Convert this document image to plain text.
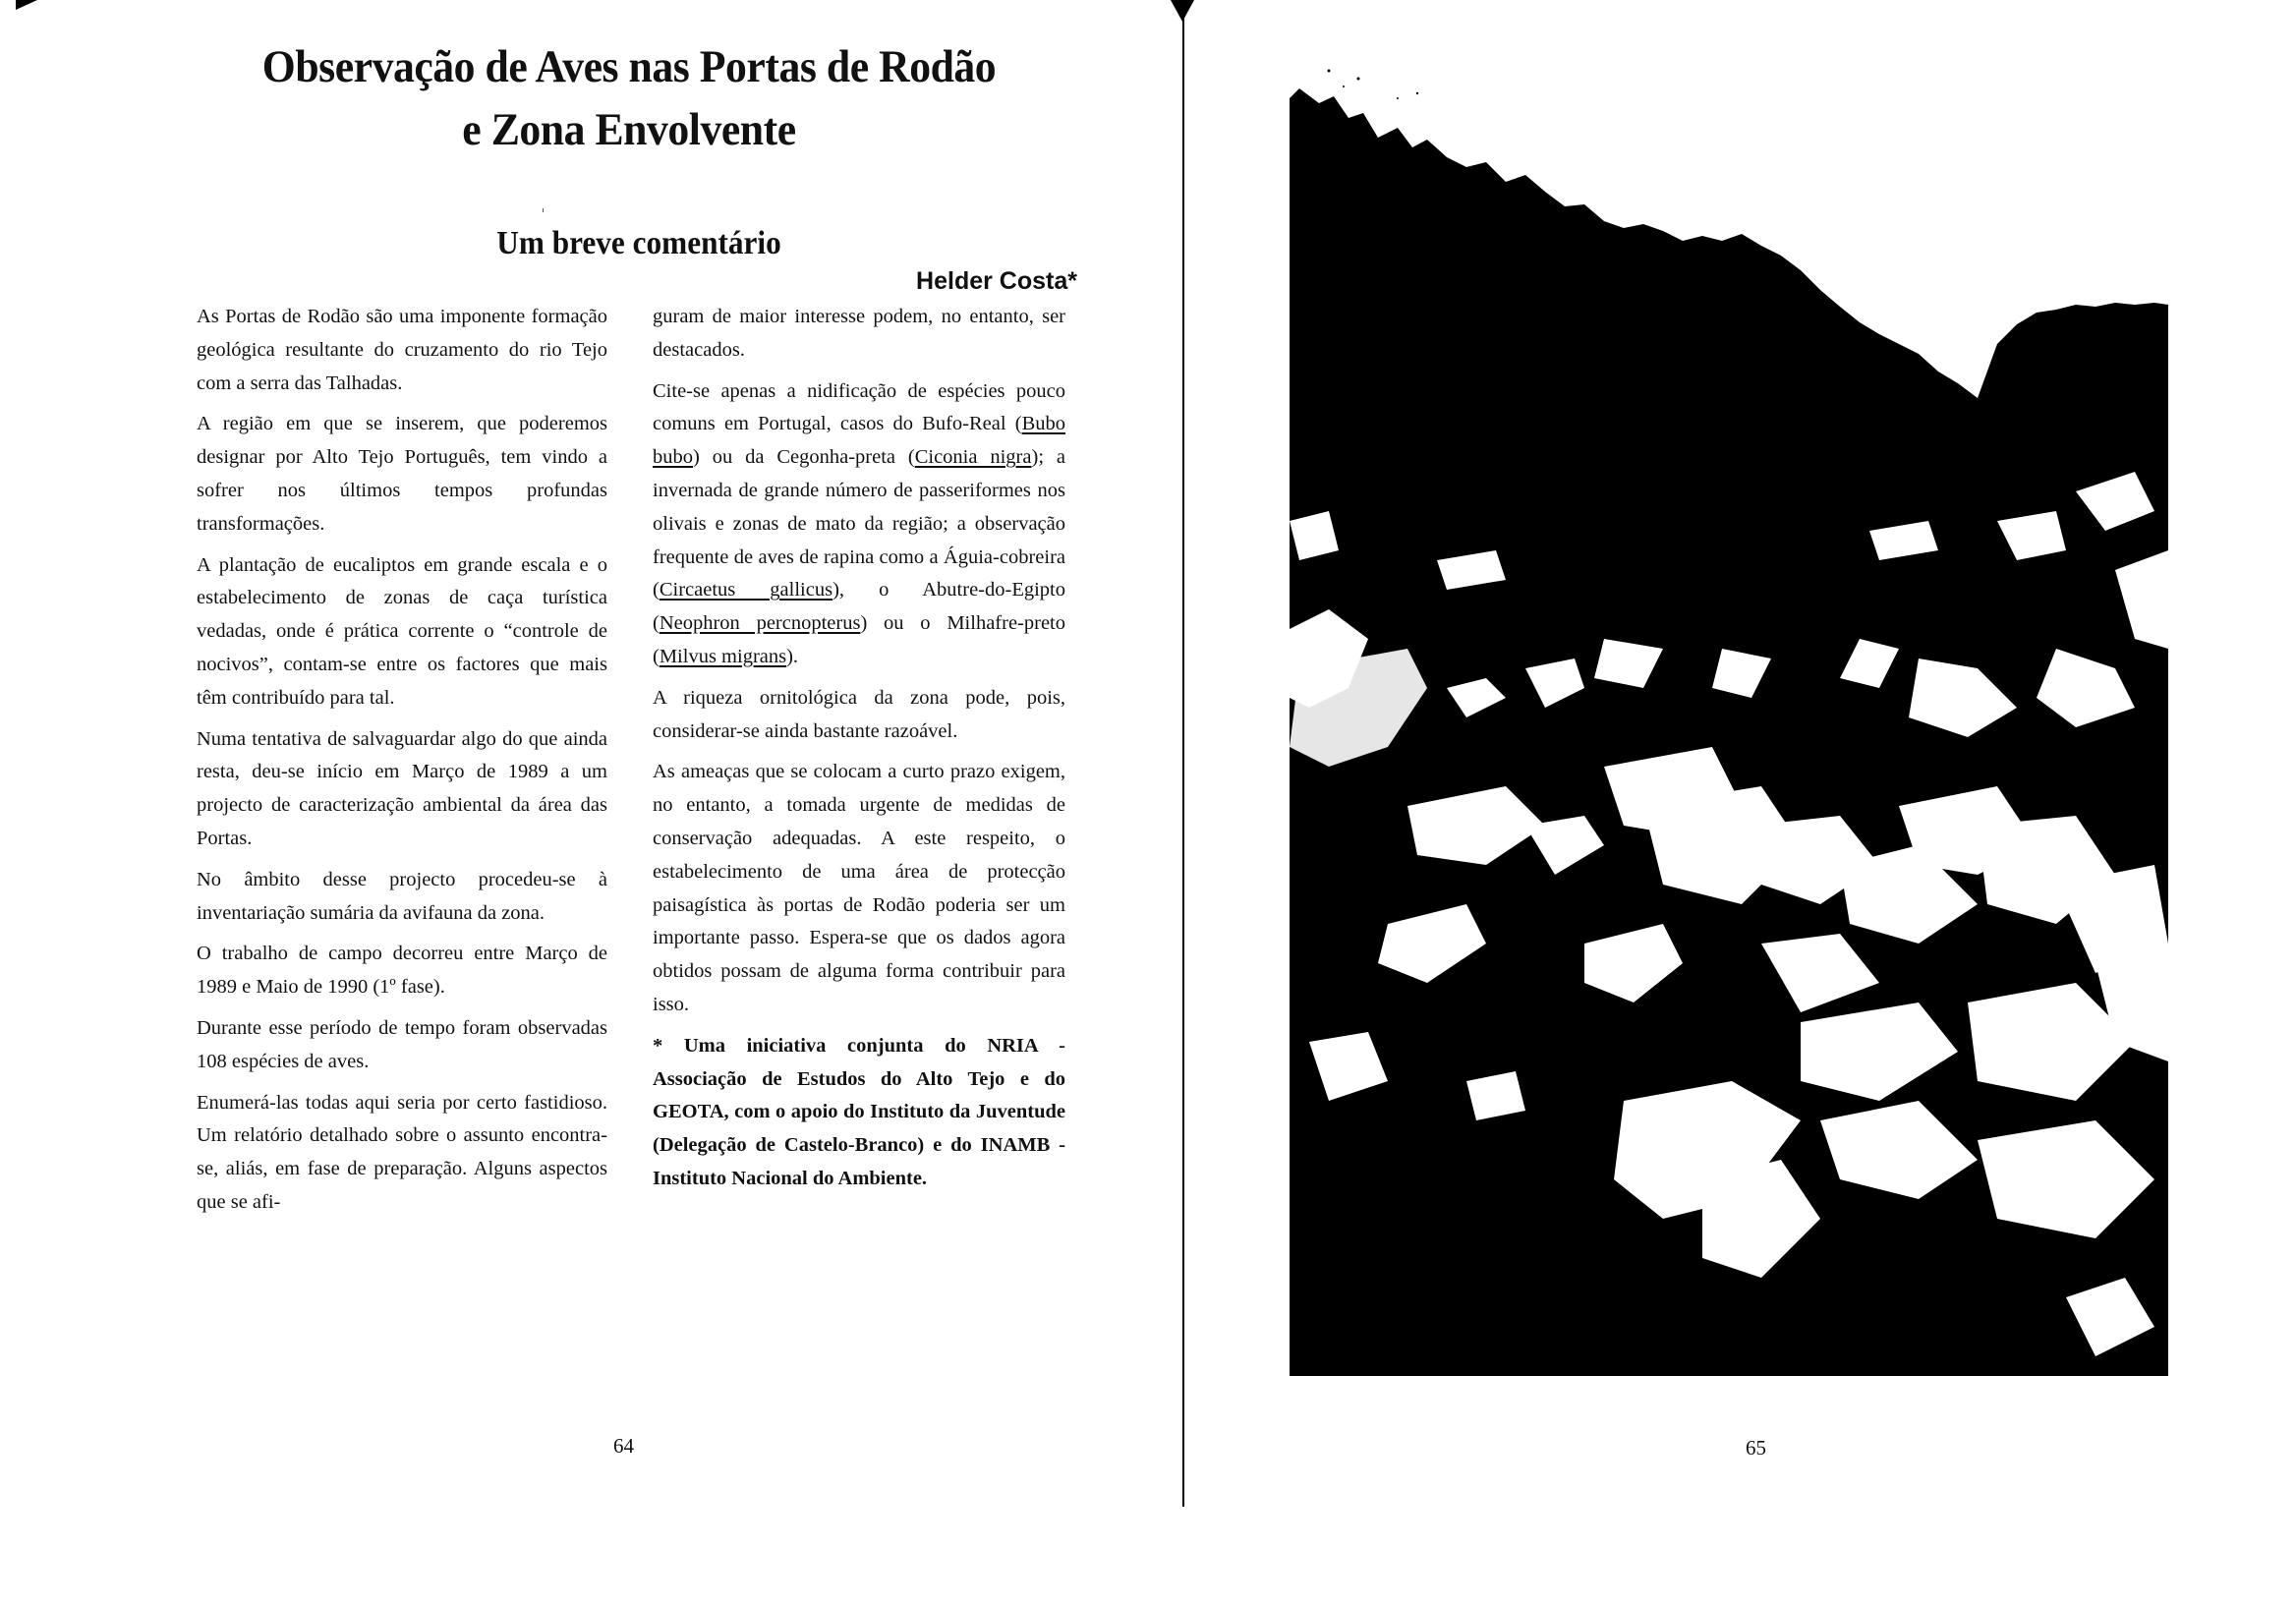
Observação de Aves nas Portas de Rodão
e Zona Envolvente
Um breve comentário
Helder Costa*

As Portas de Rodão são uma imponente formação geológica resultante do cruzamento do rio Tejo com a serra das Talhadas.

A região em que se inserem, que poderemos designar por Alto Tejo Português, tem vindo a sofrer nos últimos tempos profundas transformações.

A plantação de eucaliptos em grande escala e o estabelecimento de zonas de caça turística vedadas, onde é prática corrente o “controle de nocivos”, contam-se entre os factores que mais têm contribuído para tal.

Numa tentativa de salvaguardar algo do que ainda resta, deu-se início em Março de 1989 a um projecto de caracterização ambiental da área das Portas.

No âmbito desse projecto procedeu-se à inventariação sumária da avifauna da zona.

O trabalho de campo decorreu entre Março de 1989 e Maio de 1990 (1º fase).

Durante esse período de tempo foram observadas 108 espécies de aves.

Enumerá-las todas aqui seria por certo fastidioso. Um relatório detalhado sobre o assunto encontra-se, aliás, em fase de preparação. Alguns aspectos que se afi-

guram de maior interesse podem, no entanto, ser destacados.

Cite-se apenas a nidificação de espécies pouco comuns em Portugal, casos do Bufo-Real (Bubo bubo) ou da Cegonha-preta (Ciconia nigra); a invernada de grande número de passeriformes nos olivais e zonas de mato da região; a observação frequente de aves de rapina como a Águia-cobreira (Circaetus gallicus), o Abutre-do-Egipto (Neophron percnopterus) ou o Milhafre-preto (Milvus migrans).

A riqueza ornitológica da zona pode, pois, considerar-se ainda bastante razoável.

As ameaças que se colocam a curto prazo exigem, no entanto, a tomada urgente de medidas de conservação adequadas. A este respeito, o estabelecimento de uma área de protecção paisagística às portas de Rodão poderia ser um importante passo. Espera-se que os dados agora obtidos possam de alguma forma contribuir para isso.

* Uma iniciativa conjunta do NRIA - Associação de Estudos do Alto Tejo e do GEOTA, com o apoio do Instituto da Juventude (Delegação de Castelo-Branco) e do INAMB - Instituto Nacional do Ambiente.

64	65
